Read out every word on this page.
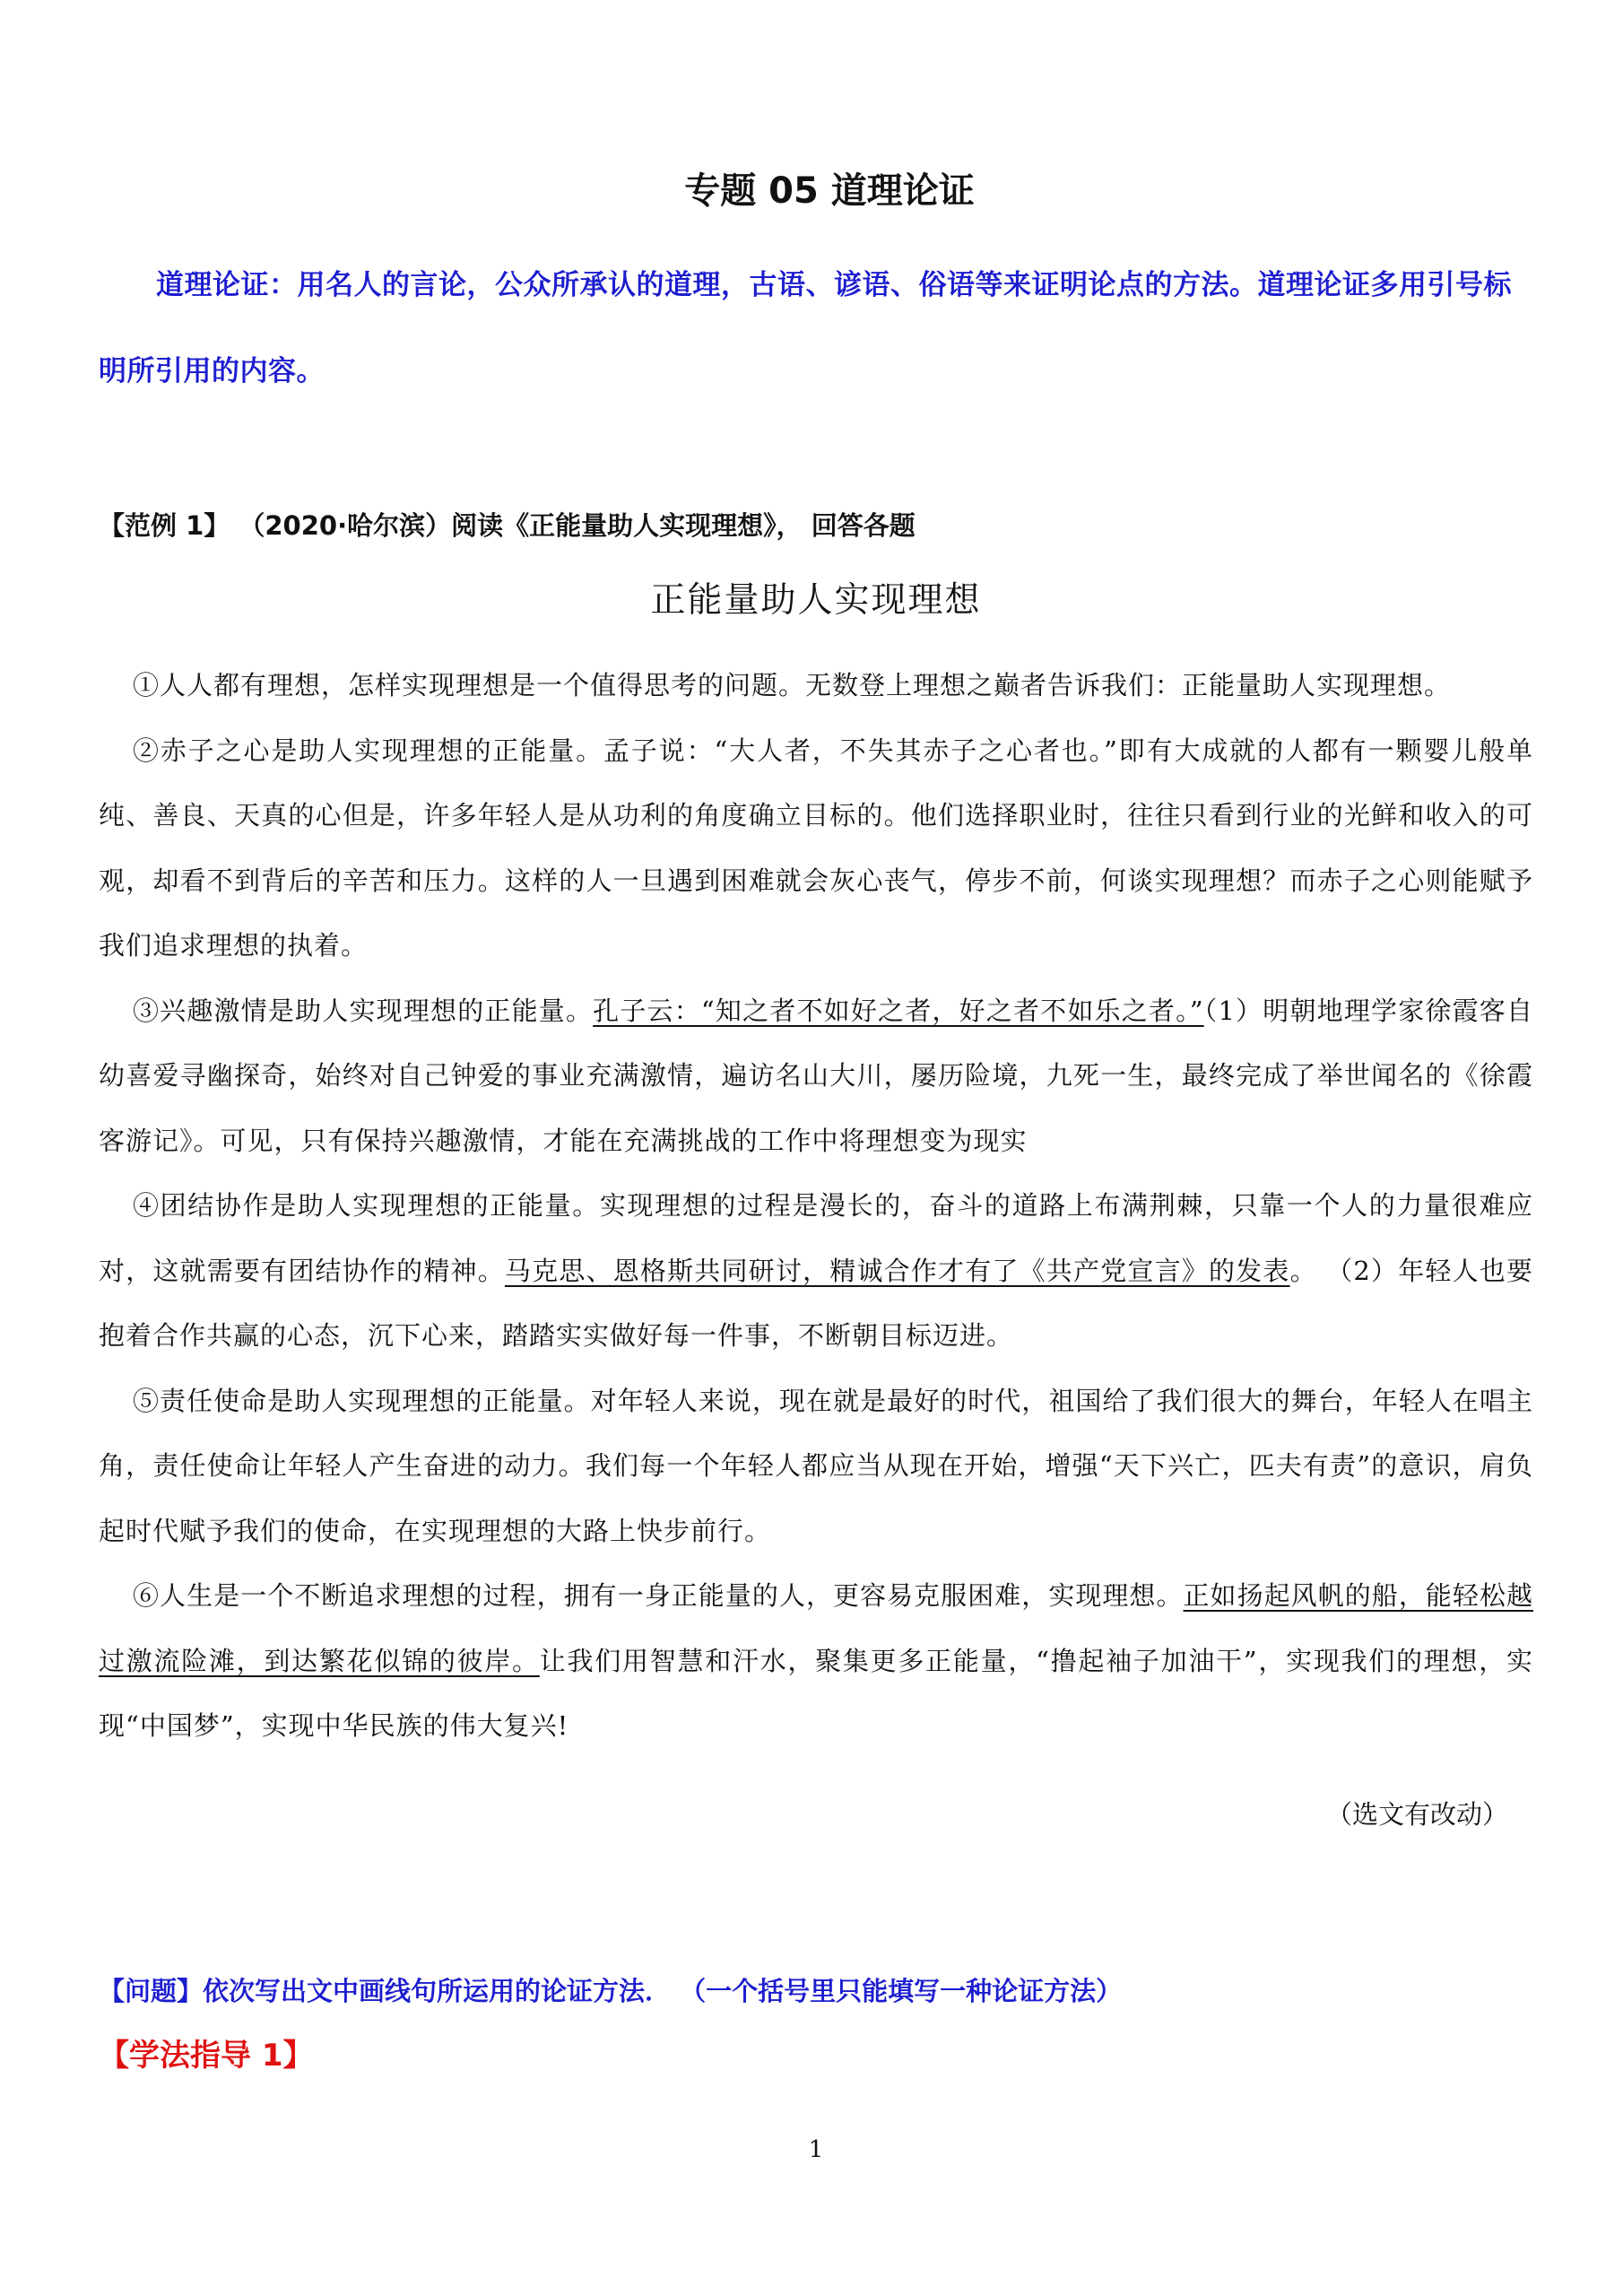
专题 05 道理论证

道理论证：用名人的言论，公众所承认的道理，古语、谚语、俗语等来证明论点的方法。道理论证多用引号标明所引用的内容。

【范例 1】 （2020·哈尔滨）阅读《正能量助人实现理想》， 回答各题

正能量助人实现理想

①人人都有理想，怎样实现理想是一个值得思考的问题。无数登上理想之巅者告诉我们：正能量助人实现理想。

②赤子之心是助人实现理想的正能量。孟子说：“大人者，不失其赤子之心者也。”即有大成就的人都有一颗婴儿般单纯、善良、天真的心但是，许多年轻人是从功利的角度确立目标的。他们选择职业时，往往只看到行业的光鲜和收入的可观，却看不到背后的辛苦和压力。这样的人一旦遇到困难就会灰心丧气，停步不前，何谈实现理想？而赤子之心则能赋予我们追求理想的执着。

③兴趣激情是助人实现理想的正能量。孔子云：“知之者不如好之者，好之者不如乐之者。”（1）明朝地理学家徐霞客自幼喜爱寻幽探奇，始终对自己钟爱的事业充满激情，遍访名山大川，屡历险境，九死一生，最终完成了举世闻名的《徐霞客游记》。可见，只有保持兴趣激情，才能在充满挑战的工作中将理想变为现实

④团结协作是助人实现理想的正能量。实现理想的过程是漫长的，奋斗的道路上布满荆棘，只靠一个人的力量很难应对，这就需要有团结协作的精神。马克思、恩格斯共同研讨，精诚合作才有了《共产党宣言》的发表。 （2）年轻人也要抱着合作共赢的心态，沉下心来，踏踏实实做好每一件事，不断朝目标迈进。

⑤责任使命是助人实现理想的正能量。对年轻人来说，现在就是最好的时代，祖国给了我们很大的舞台，年轻人在唱主角，责任使命让年轻人产生奋进的动力。我们每一个年轻人都应当从现在开始，增强“天下兴亡，匹夫有责”的意识，肩负起时代赋予我们的使命，在实现理想的大路上快步前行。

⑥人生是一个不断追求理想的过程，拥有一身正能量的人，更容易克服困难，实现理想。正如扬起风帆的船，能轻松越过激流险滩，到达繁花似锦的彼岸。让我们用智慧和汗水，聚集更多正能量，“撸起袖子加油干”，实现我们的理想，实现“中国梦”，实现中华民族的伟大复兴!

（选文有改动）

【问题】依次写出文中画线句所运用的论证方法． （一个括号里只能填写一种论证方法）

【学法指导 1】

1
